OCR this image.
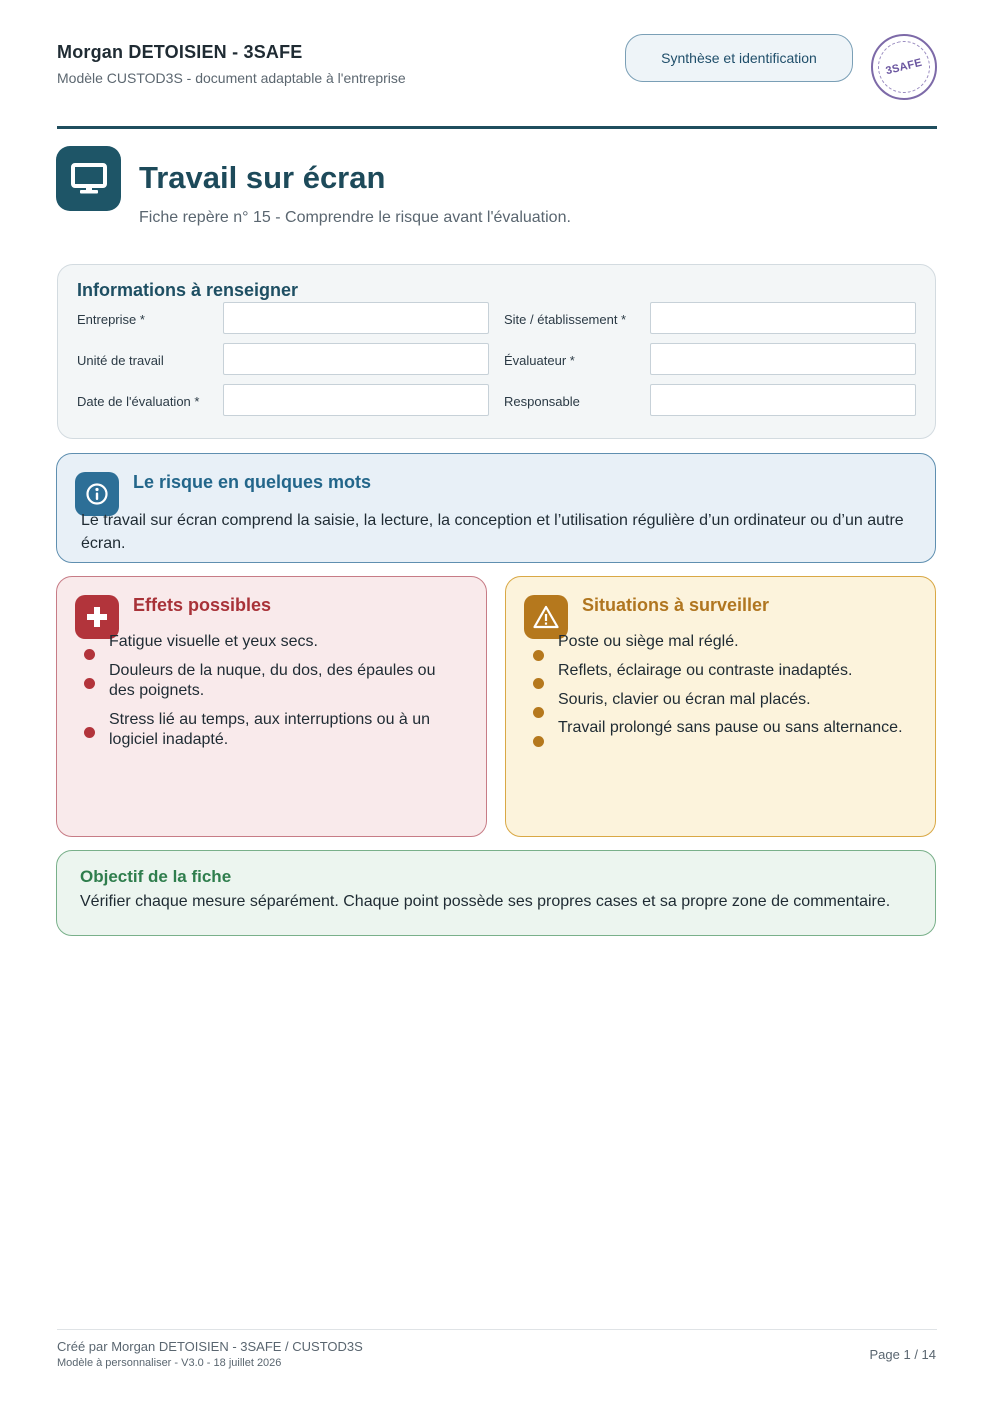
Morgan DETOISIEN - 3SAFE
Modèle CUSTOD3S - document adaptable à l'entreprise
Synthèse et identification	3SAFE
Travail sur écran
Fiche repère n° 15 - Comprendre le risque avant l'évaluation.
Informations à renseigner
Entreprise *	Site / établissement *
Unité de travail	Évaluateur *
Date de l'évaluation *	Responsable
Le risque en quelques mots
Le travail sur écran comprend la saisie, la lecture, la conception et l’utilisation régulière d’un ordinateur ou d’un autre écran.
Effets possibles
Fatigue visuelle et yeux secs.
Douleurs de la nuque, du dos, des épaules ou des poignets.
Stress lié au temps, aux interruptions ou à un logiciel inadapté.
Situations à surveiller
Poste ou siège mal réglé.
Reflets, éclairage ou contraste inadaptés.
Souris, clavier ou écran mal placés.
Travail prolongé sans pause ou sans alternance.
Objectif de la fiche
Vérifier chaque mesure séparément. Chaque point possède ses propres cases et sa propre zone de commentaire.
Créé par Morgan DETOISIEN - 3SAFE / CUSTOD3S
Modèle à personnaliser - V3.0 - 18 juillet 2026
Page 1 / 14
